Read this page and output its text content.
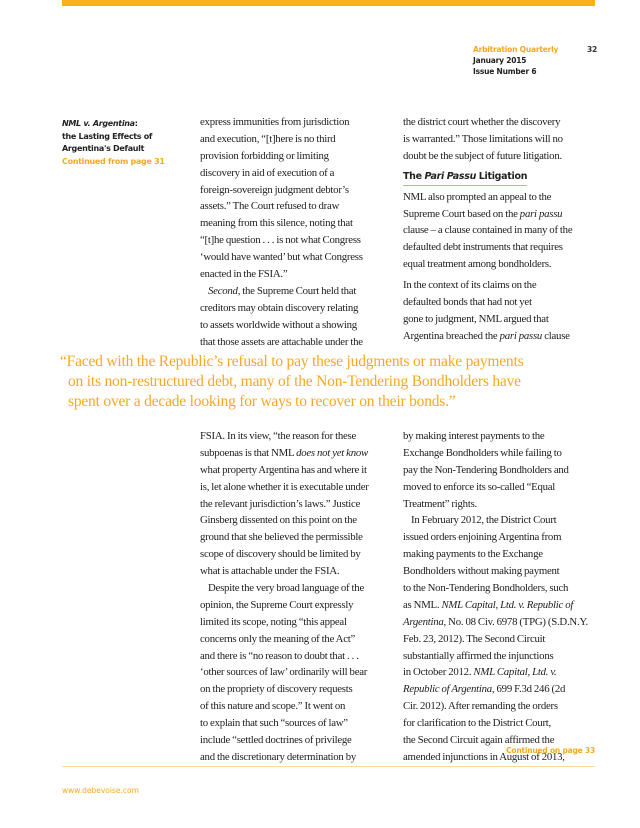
Arbitration Quarterly	32
January 2015
Issue Number 6
NML v. Argentina:
the Lasting Effects of
Argentina's Default
Continued from page 31
express immunities from jurisdiction
and execution, “[t]here is no third
provision forbidding or limiting
discovery in aid of execution of a
foreign-sovereign judgment debtor’s
assets.” The Court refused to draw
meaning from this silence, noting that
“[t]he question . . . is not what Congress
‘would have wanted’ but what Congress
enacted in the FSIA.”
Second, the Supreme Court held that
creditors may obtain discovery relating
to assets worldwide without a showing
that those assets are attachable under the
the district court whether the discovery
is warranted.” Those limitations will no
doubt be the subject of future litigation.
The Pari Passu Litigation
NML also prompted an appeal to the
Supreme Court based on the pari passu
clause – a clause contained in many of the
defaulted debt instruments that requires
equal treatment among bondholders.
In the context of its claims on the
defaulted bonds that had not yet
gone to judgment, NML argued that
Argentina breached the pari passu clause
“Faced with the Republic’s refusal to pay these judgments or make payments
on its non-restructured debt, many of the Non-Tendering Bondholders have
spent over a decade looking for ways to recover on their bonds.”
FSIA. In its view, “the reason for these
subpoenas is that NML does not yet know
what property Argentina has and where it
is, let alone whether it is executable under
the relevant jurisdiction’s laws.” Justice
Ginsberg dissented on this point on the
ground that she believed the permissible
scope of discovery should be limited by
what is attachable under the FSIA.
Despite the very broad language of the
opinion, the Supreme Court expressly
limited its scope, noting “this appeal
concerns only the meaning of the Act”
and there is “no reason to doubt that . . .
‘other sources of law’ ordinarily will bear
on the propriety of discovery requests
of this nature and scope.” It went on
to explain that such “sources of law”
include “settled doctrines of privilege
and the discretionary determination by
by making interest payments to the
Exchange Bondholders while failing to
pay the Non-Tendering Bondholders and
moved to enforce its so-called “Equal
Treatment” rights.
In February 2012, the District Court
issued orders enjoining Argentina from
making payments to the Exchange
Bondholders without making payment
to the Non-Tendering Bondholders, such
as NML. NML Capital, Ltd. v. Republic of
Argentina, No. 08 Civ. 6978 (TPG) (S.D.N.Y.
Feb. 23, 2012). The Second Circuit
substantially affirmed the injunctions
in October 2012. NML Capital, Ltd. v.
Republic of Argentina, 699 F.3d 246 (2d
Cir. 2012). After remanding the orders
for clarification to the District Court,
the Second Circuit again affirmed the
amended injunctions in August of 2013,
Continued on page 33
www.debevoise.com
